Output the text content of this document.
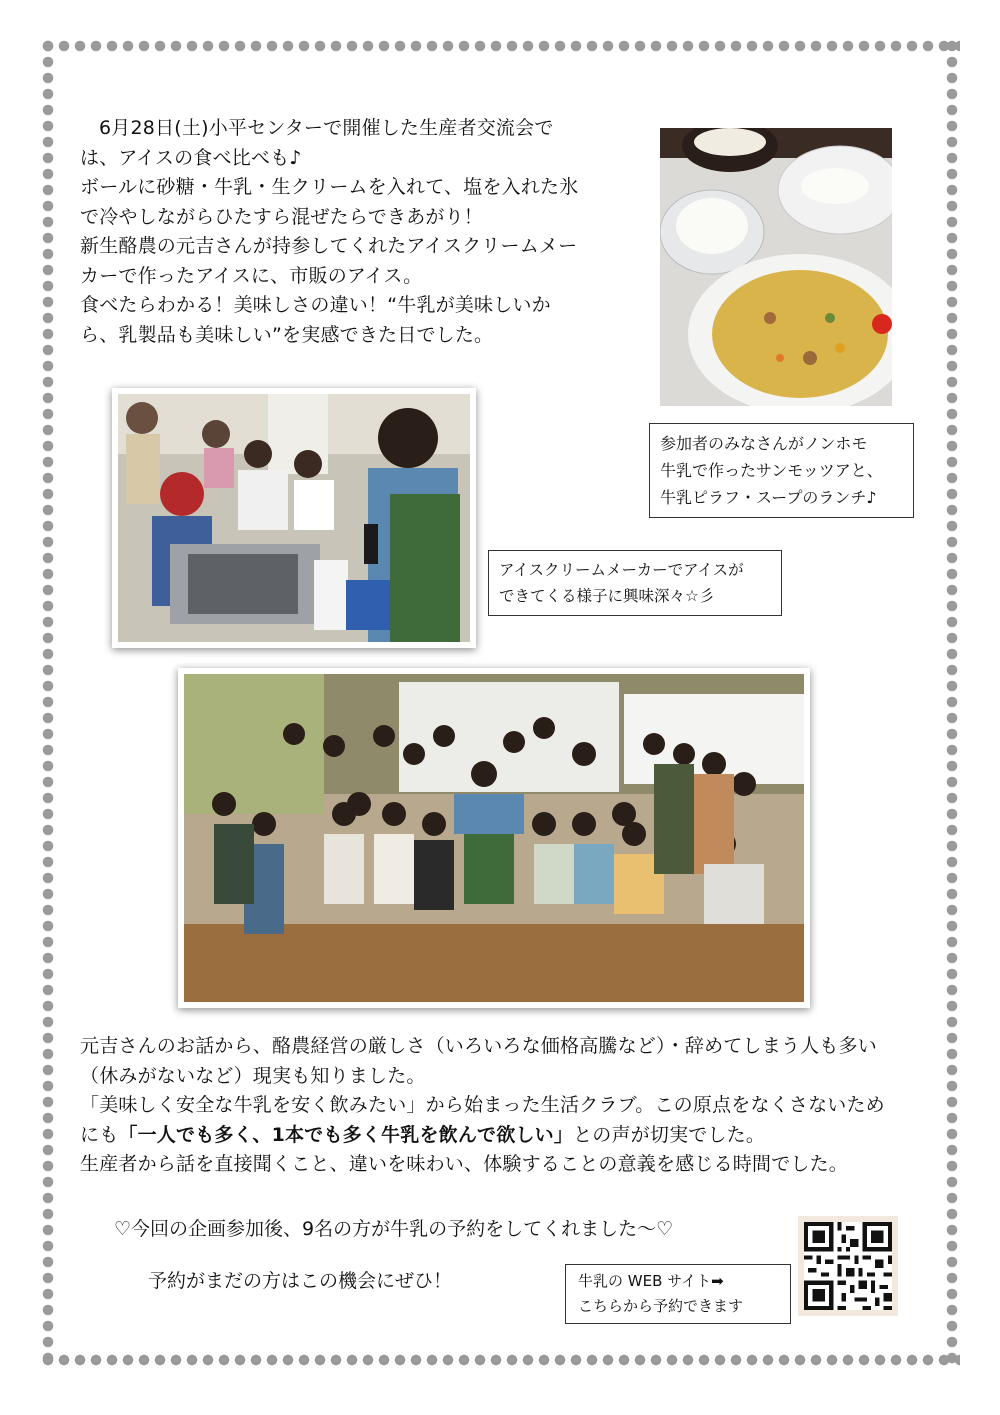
6月28日(土)小平センターで開催した生産者交流会で

は、アイスの食べ比べも♪

ボールに砂糖・牛乳・生クリームを入れて、塩を入れた氷

で冷やしながらひたすら混ぜたらできあがり！

新生酪農の元吉さんが持参してくれたアイスクリームメー

カーで作ったアイスに、市販のアイス。

食べたらわかる！美味しさの違い！“牛乳が美味しいか

ら、乳製品も美味しい”を実感できた日でした。

アイスクリームメーカーでアイスが

できてくる様子に興味深々☆彡

参加者のみなさんがノンホモ

牛乳で作ったサンモッツアと、

牛乳ピラフ・スープのランチ♪

元吉さんのお話から、酪農経営の厳しさ（いろいろな価格高騰など）・辞めてしまう人も多い

（休みがないなど）現実も知りました。

「美味しく安全な牛乳を安く飲みたい」から始まった生活クラブ。この原点をなくさないため

にも「一人でも多く、1本でも多く牛乳を飲んで欲しい」との声が切実でした。

生産者から話を直接聞くこと、違いを味わい、体験することの意義を感じる時間でした。

♡今回の企画参加後、9名の方が牛乳の予約をしてくれました～♡
予約がまだの方はこの機会にぜひ！	牛乳の WEB サイト➡

こちらから予約できます
